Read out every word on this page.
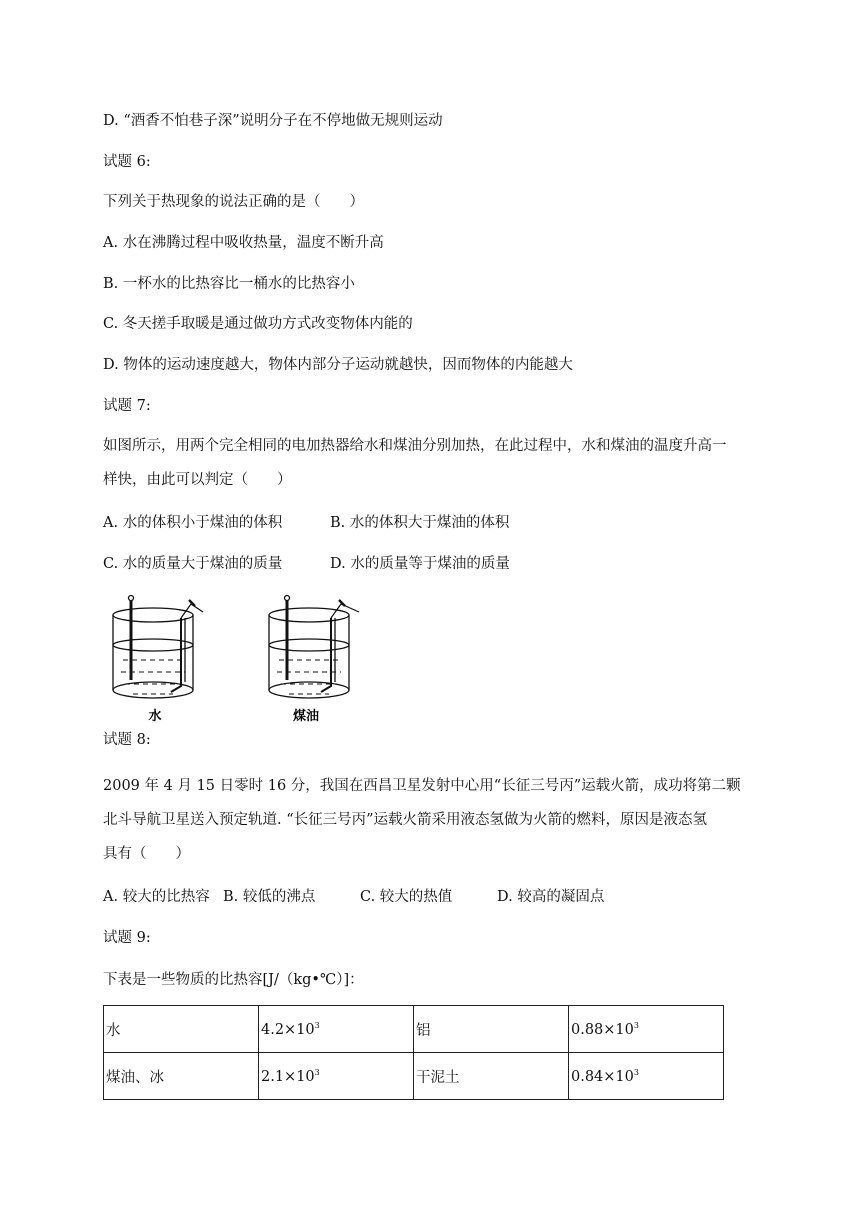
D. “酒香不怕巷子深”说明分子在不停地做无规则运动
试题 6:
下列关于热现象的说法正确的是（　　）
A. 水在沸腾过程中吸收热量，温度不断升高
B. 一杯水的比热容比一桶水的比热容小
C. 冬天搓手取暖是通过做功方式改变物体内能的
D. 物体的运动速度越大，物体内部分子运动就越快，因而物体的内能越大
试题 7:
如图所示，用两个完全相同的电加热器给水和煤油分别加热，在此过程中，水和煤油的温度升高一
样快，由此可以判定（　　）
A. 水的体积小于煤油的体积	B. 水的体积大于煤油的体积
C. 水的质量大于煤油的质量	D. 水的质量等于煤油的质量
水	煤油
试题 8:
2009 年 4 月 15 日零时 16 分，我国在西昌卫星发射中心用“长征三号丙”运载火箭，成功将第二颗
北斗导航卫星送入预定轨道. “长征三号丙”运载火箭采用液态氢做为火箭的燃料，原因是液态氢
具有（　　）
A. 较大的比热容 B. 较低的沸点	C. 较大的热值	D. 较高的凝固点
试题 9:
下表是一些物质的比热容[J/（kg•℃）]：
水	$4.2\times 10^3$	铝	$0.88\times 10^3$
煤油、冰	$2.1\times 10^3$	干泥土	$0.84\times 10^3$
